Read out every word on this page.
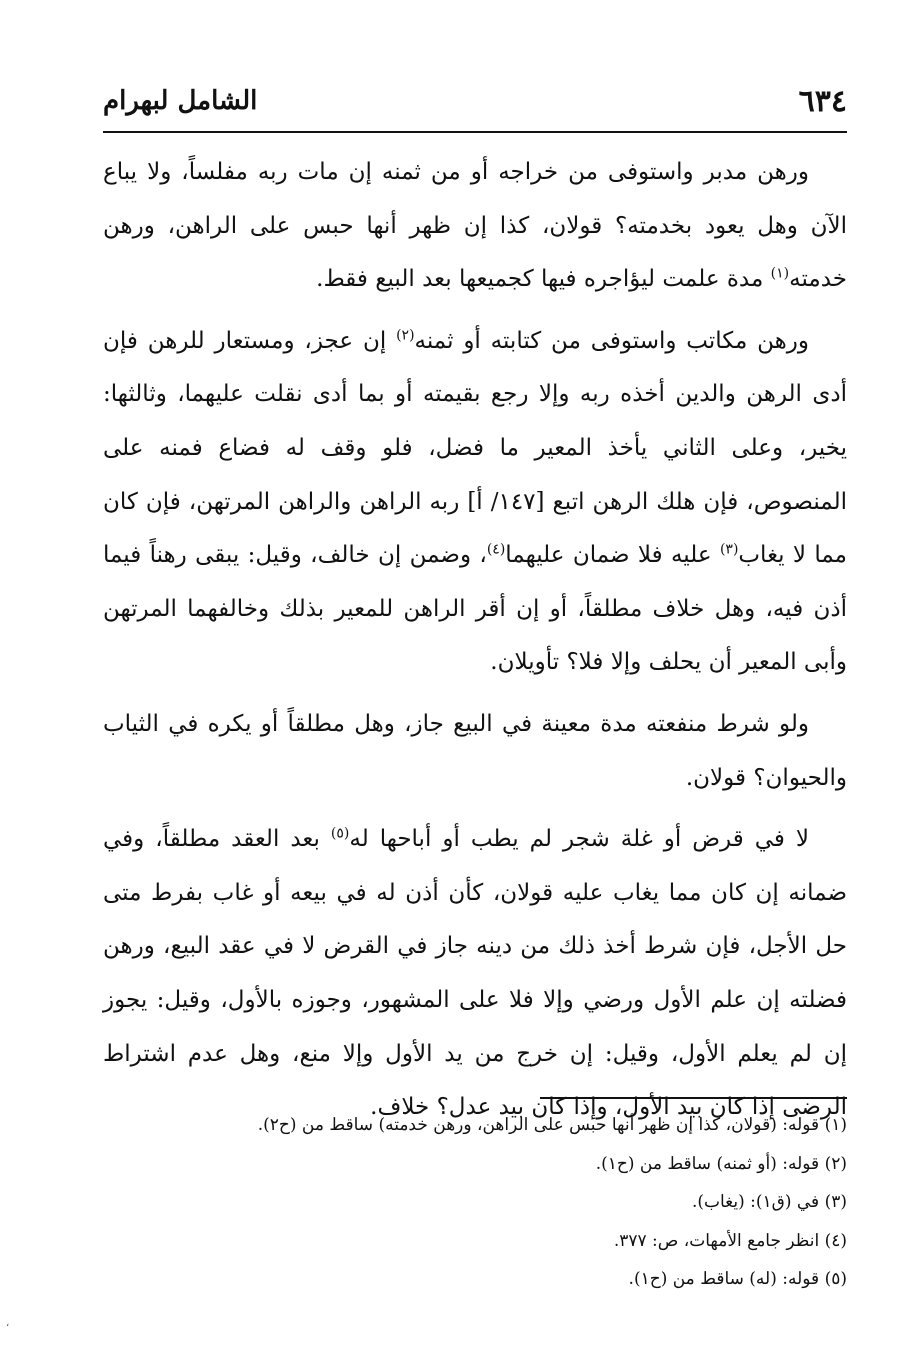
٦٣٤
الشامل لبهرام

ورهن مدبر واستوفى من خراجه أو من ثمنه إن مات ربه مفلساً، ولا يباع الآن وهل يعود بخدمته؟ قولان، كذا إن ظهر أنها حبس على الراهن، ورهن خدمته$^{(١)}$ مدة علمت ليؤاجره فيها كجميعها بعد البيع فقط.

ورهن مكاتب واستوفى من كتابته أو ثمنه$^{(٢)}$ إن عجز، ومستعار للرهن فإن أدى الرهن والدين أخذه ربه وإلا رجع بقيمته أو بما أدى نقلت عليهما، وثالثها: يخير، وعلى الثاني يأخذ المعير ما فضل، فلو وقف له فضاع فمنه على المنصوص، فإن هلك الرهن اتبع [١٤٧/ أ] ربه الراهن والراهن المرتهن، فإن كان مما لا يغاب$^{(٣)}$ عليه فلا ضمان عليهما$^{(٤)}$، وضمن إن خالف، وقيل: يبقى رهناً فيما أذن فيه، وهل خلاف مطلقاً، أو إن أقر الراهن للمعير بذلك وخالفهما المرتهن وأبى المعير أن يحلف وإلا فلا؟ تأويلان.

ولو شرط منفعته مدة معينة في البيع جاز، وهل مطلقاً أو يكره في الثياب والحيوان؟ قولان.

لا في قرض أو غلة شجر لم يطب أو أباحها له$^{(٥)}$ بعد العقد مطلقاً، وفي ضمانه إن كان مما يغاب عليه قولان، كأن أذن له في بيعه أو غاب بفرط متى حل الأجل، فإن شرط أخذ ذلك من دينه جاز في القرض لا في عقد البيع، ورهن فضلته إن علم الأول ورضي وإلا فلا على المشهور، وجوزه بالأول، وقيل: يجوز إن لم يعلم الأول، وقيل: إن خرج من يد الأول وإلا منع، وهل عدم اشتراط الرضى إذا كان بيد الأول، وإذا كان بيد عدل؟ خلاف.

(١) قوله: (قولان، كذا إن ظهر أنها حبس على الراهن، ورهن خدمته) ساقط من (ح٢).
(٢) قوله: (أو ثمنه) ساقط من (ح١).
(٣) في (ق١): (يغاب).
(٤) انظر جامع الأمهات، ص: ٣٧٧.
(٥) قوله: (له) ساقط من (ح١).
،
